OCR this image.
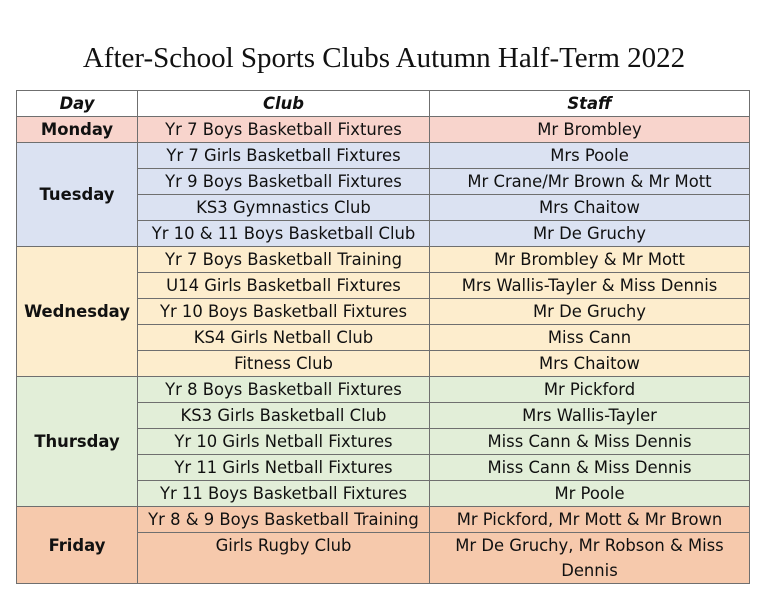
After-School Sports Clubs Autumn Half-Term 2022
Day	Club	Staff
Monday	Yr 7 Boys Basketball Fixtures	Mr Brombley
Tuesday	Yr 7 Girls Basketball Fixtures	Mrs Poole
	Yr 9 Boys Basketball Fixtures	Mr Crane/Mr Brown & Mr Mott
	KS3 Gymnastics Club	Mrs Chaitow
	Yr 10 & 11 Boys Basketball Club	Mr De Gruchy
Wednesday	Yr 7 Boys Basketball Training	Mr Brombley & Mr Mott
	U14 Girls Basketball Fixtures	Mrs Wallis-Tayler & Miss Dennis
	Yr 10 Boys Basketball Fixtures	Mr De Gruchy
	KS4 Girls Netball Club	Miss Cann
	Fitness Club	Mrs Chaitow
Thursday	Yr 8 Boys Basketball Fixtures	Mr Pickford
	KS3 Girls Basketball Club	Mrs Wallis-Tayler
	Yr 10 Girls Netball Fixtures	Miss Cann & Miss Dennis
	Yr 11 Girls Netball Fixtures	Miss Cann & Miss Dennis
	Yr 11 Boys Basketball Fixtures	Mr Poole
Friday	Yr 8 & 9 Boys Basketball Training	Mr Pickford, Mr Mott & Mr Brown
	Girls Rugby Club	Mr De Gruchy, Mr Robson & Miss Dennis
